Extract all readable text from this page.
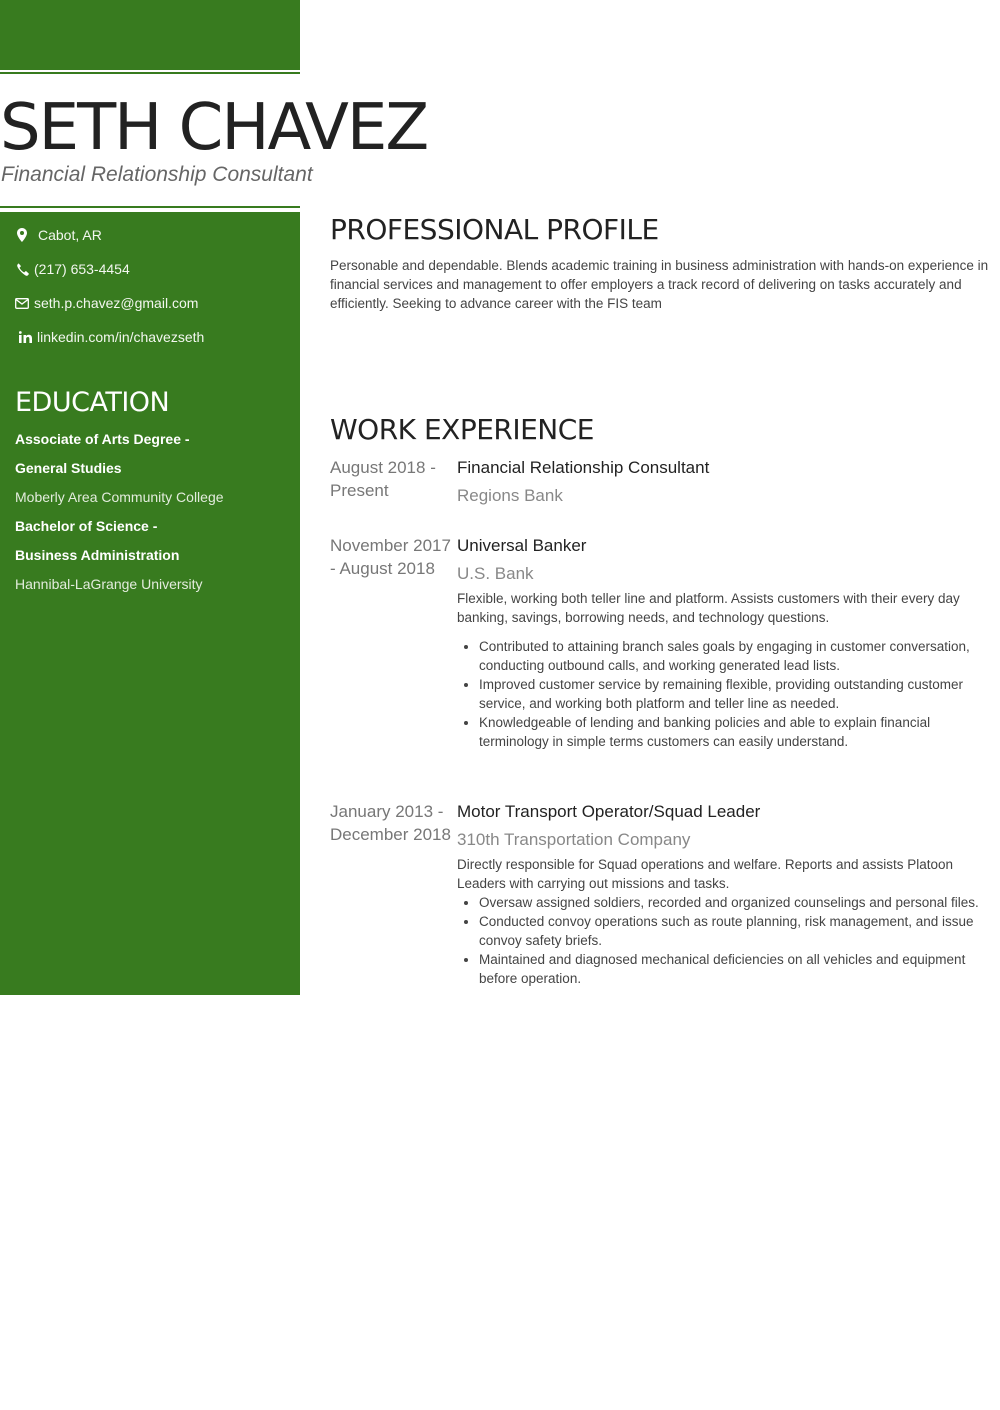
SETH CHAVEZ
Financial Relationship Consultant
Cabot, AR
(217) 653-4454
seth.p.chavez@gmail.com
linkedin.com/in/chavezseth
EDUCATION
Associate of Arts Degree -
General Studies
Moberly Area Community College
Bachelor of Science -
Business Administration
Hannibal-LaGrange University
PROFESSIONAL PROFILE
Personable and dependable. Blends academic training in business administration with hands-on experience in financial services and management to offer employers a track record of delivering on tasks accurately and efficiently. Seeking to advance career with the FIS team
WORK EXPERIENCE
August 2018 - Present
Financial Relationship Consultant
Regions Bank
November 2017 - August 2018
Universal Banker
U.S. Bank
Flexible, working both teller line and platform. Assists customers with their every day banking, savings, borrowing needs, and technology questions.
• Contributed to attaining branch sales goals by engaging in customer conversation, conducting outbound calls, and working generated lead lists.
• Improved customer service by remaining flexible, providing outstanding customer service, and working both platform and teller line as needed.
• Knowledgeable of lending and banking policies and able to explain financial terminology in simple terms customers can easily understand.
January 2013 - December 2018
Motor Transport Operator/Squad Leader
310th Transportation Company
Directly responsible for Squad operations and welfare. Reports and assists Platoon Leaders with carrying out missions and tasks.
• Oversaw assigned soldiers, recorded and organized counselings and personal files.
• Conducted convoy operations such as route planning, risk management, and issue convoy safety briefs.
• Maintained and diagnosed mechanical deficiencies on all vehicles and equipment before operation.
